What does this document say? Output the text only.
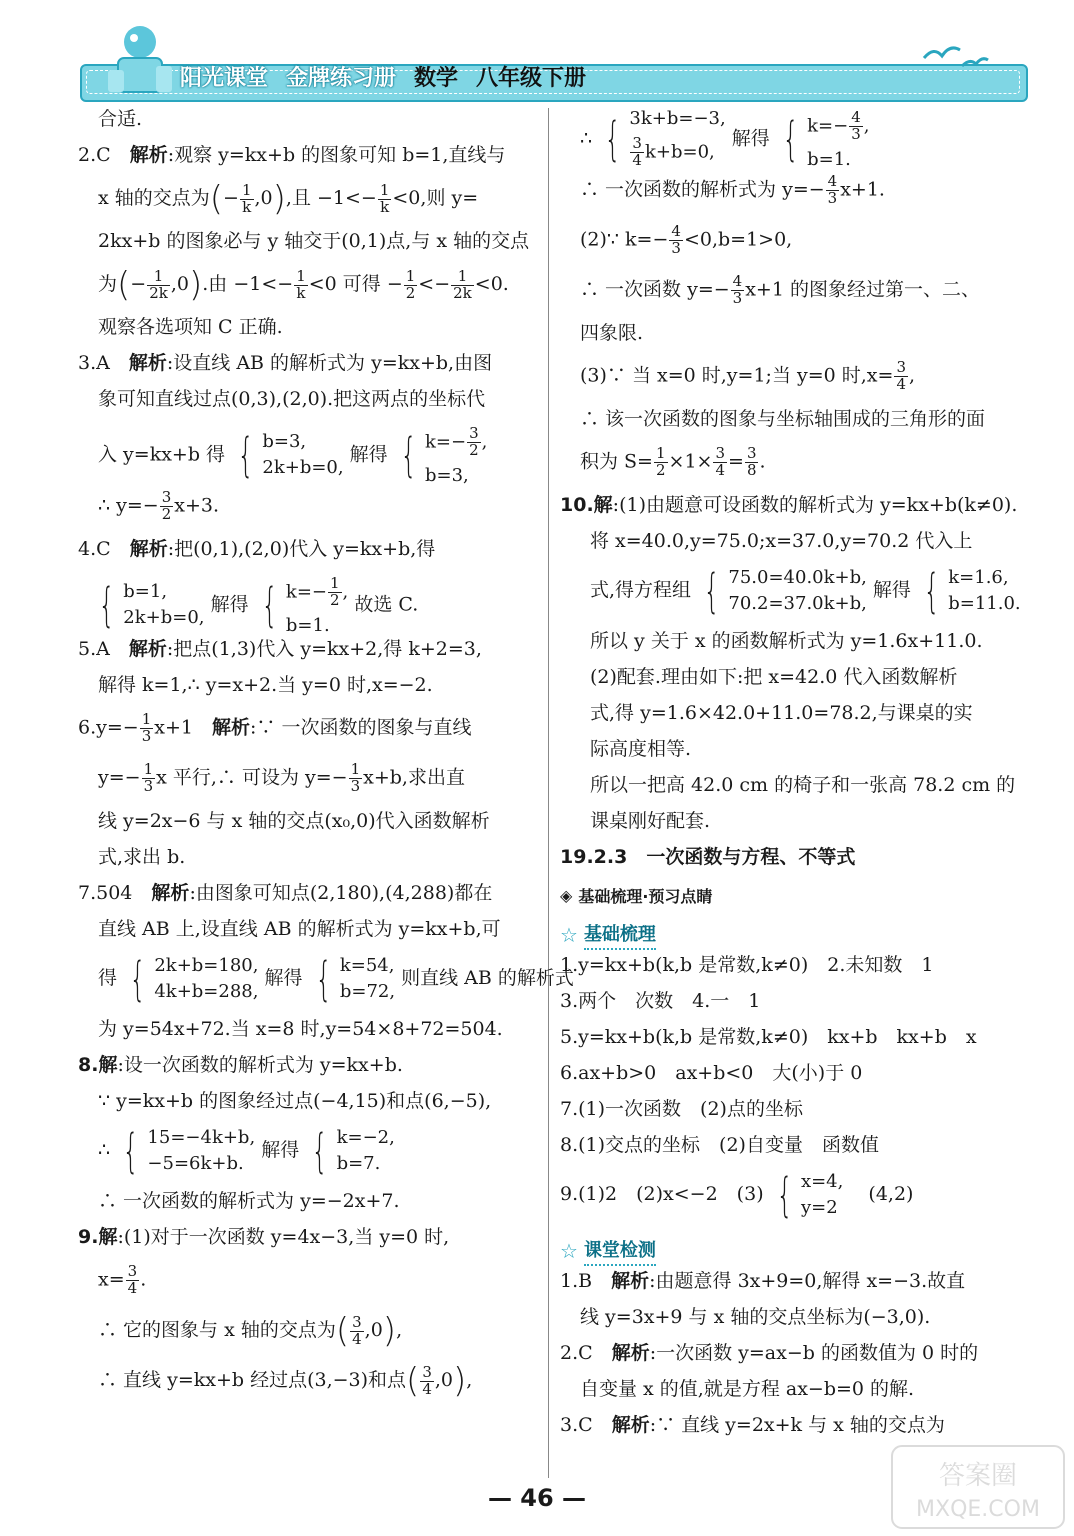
阳光课堂 金牌练习册 数学 八年级下册

合适.

2.C　 解析:观察 y=kx+b 的图象可知 b=1,直线与

x 轴的交点为(− $\frac{1}{k} ,0$),且 $-1<- \frac{1}{k} <0$,则 y=

2kx+b 的图象必与 y 轴交于(0,1)点,与 x 轴的交点

为(− $\frac{1}{2k} ,0$).由 $-1<- \frac{1}{k} <0$ 可得 − $\frac{1}{2} <- \frac{1}{2k} <0$.

观察各选项知 C 正确.

3.A　 解析:设直线 AB 的解析式为 y=kx+b,由图

象可知直线过点(0,3),(2,0).把这两点的坐标代

入 y=kx+b 得 { b=3,
2k+b=0,
解得 { $k=- \frac{3}{2}$ ,
b=3,

∴ $y=- \frac{3}{2} x+3$.

4.C　 解析:把(0,1),(2,0)代入 y=kx+b,得

{ b=1,
2k+b=0,
解得 { $k=- \frac{1}{2}$ ,
b=1.
故选 C.

5.A　 解析:把点(1,3)代入 y=kx+2,得 k+2=3,

解得 k=1,∴ y=x+2.当 y=0 时,x=−2.

$6.y=- \frac{1}{3} x+1$　 解析:∵ 一次函数的图象与直线

$y=- \frac{1}{3}$ x 平行,∴ 可设为 $y=- \frac{1}{3} x+b$,求出直

线 y=2x−6 与 x 轴的交点(x₀,0)代入函数解析

式,求出 b.

7.504　 解析:由图象可知点(2,180),(4,288)都在

直线 AB 上,设直线 AB 的解析式为 y=kx+b,可

得 { 2k+b=180,
4k+b=288,
解得 { k=54,
b=72,
则直线 AB 的解析式

为 y=54x+72.当 x=8 时,y=54×8+72=504.

8.解:设一次函数的解析式为 y=kx+b.

∵ y=kx+b 的图象经过点(−4,15)和点(6,−5),

∴ { 15=−4k+b,
−5=6k+b.
解得 { k=−2,
b=7.

∴ 一次函数的解析式为 y=−2x+7.

9.解:(1)对于一次函数 y=4x−3,当 y=0 时,

$x= \frac{3}{4}$ .

∴ 它的图象与 x 轴的交点为( $\frac{3}{4} ,0$),

∴ 直线 y=kx+b 经过点(3,−3)和点( $\frac{3}{4} ,0$),

∴ { 3k+b=−3,
$\frac{3}{4} k+b=0$,
解得 { $k=- \frac{4}{3}$ ,
b=1.

∴ 一次函数的解析式为 $y=- \frac{4}{3} x+1$.

(2)∵ $k=- \frac{4}{3} <0,b=1>0$,

∴ 一次函数 $y=- \frac{4}{3} x+1$ 的图象经过第一、二、

四象限.

(3)∵ 当 x=0 时,y=1;当 y=0 时$,x= \frac{3}{4}$ ,

∴ 该一次函数的图象与坐标轴围成的三角形的面

积为 $S= \frac{1}{2} \times 1\times \frac{3}{4} = \frac{3}{8}$ .

10.解:(1)由题意可设函数的解析式为 y=kx+b(k≠0).

将 x=40.0,y=75.0;x=37.0,y=70.2 代入上

式,得方程组 { 75.0=40.0k+b,
70.2=37.0k+b,
解得 { k=1.6,
b=11.0.

所以 y 关于 x 的函数解析式为 y=1.6x+11.0.

(2)配套.理由如下:把 x=42.0 代入函数解析

式,得 y=1.6×42.0+11.0=78.2,与课桌的实

际高度相等.

所以一把高 42.0 cm 的椅子和一张高 78.2 cm 的

课桌刚好配套.

19.2.3　一次函数与方程、不等式

◈ 基础梳理·预习点睛
☆ 基础梳理

1.y=kx+b(k,b 是常数,k≠0)　2.未知数　1

3.两个　次数　4.一　1

5.y=kx+b(k,b 是常数,k≠0)　kx+b　kx+b　x

6.ax+b>0　ax+b<0　大(小)于 0

7.(1)一次函数　(2)点的坐标

8.(1)交点的坐标　(2)自变量　函数值

9.(1)2　(2)x<−2　(3) { x=4,
y=2
　(4,2)

☆ 课堂检测

1.B　 解析:由题意得 3x+9=0,解得 x=−3.故直

线 y=3x+9 与 x 轴的交点坐标为(−3,0).

2.C　 解析:一次函数 y=ax−b 的函数值为 0 时的

自变量 x 的值,就是方程 ax−b=0 的解.

3.C　 解析:∵ 直线 y=2x+k 与 x 轴的交点为

— 46 —
答案圈
MXQE.COM
